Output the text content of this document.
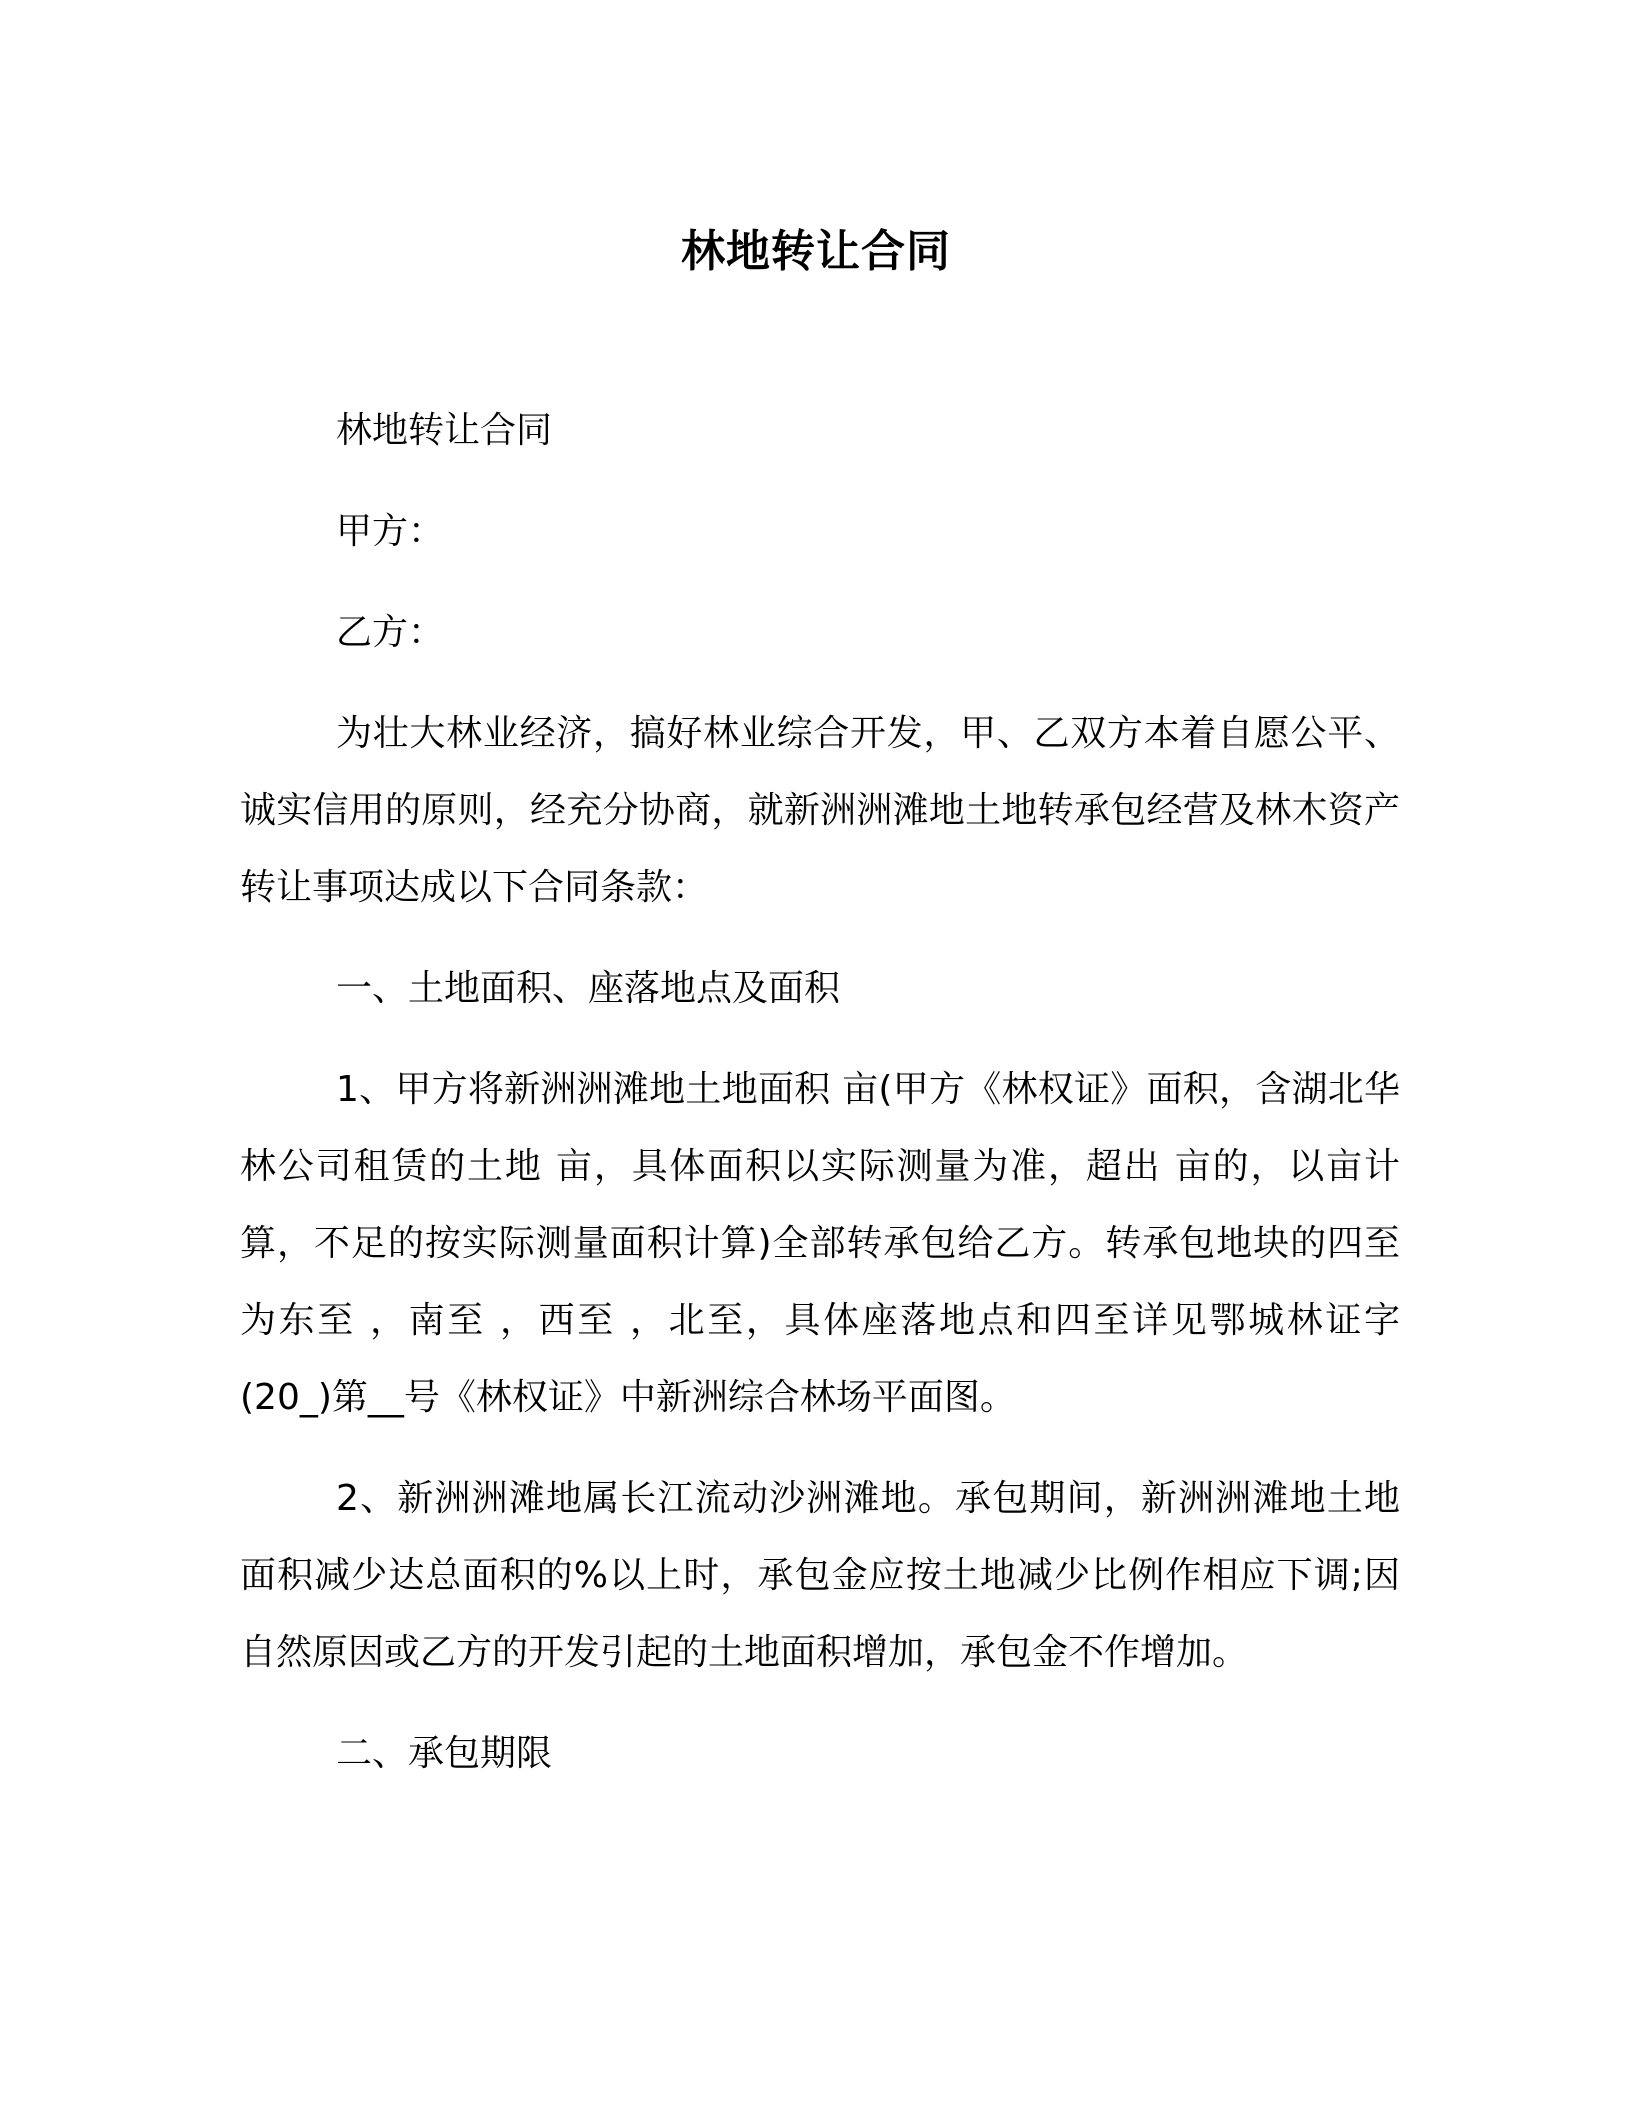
林地转让合同

林地转让合同

甲方：

乙方：

为壮大林业经济，搞好林业综合开发，甲、乙双方本着自愿公平、诚实信用的原则，经充分协商，就新洲洲滩地土地转承包经营及林木资产转让事项达成以下合同条款：

一、土地面积、座落地点及面积

1、甲方将新洲洲滩地土地面积 亩(甲方《林权证》面积，含湖北华林公司租赁的土地 亩，具体面积以实际测量为准，超出 亩的，以亩计算，不足的按实际测量面积计算)全部转承包给乙方。转承包地块的四至为东至 ，南至 ，西至 ，北至，具体座落地点和四至详见鄂城林证字(20_)第__号《林权证》中新洲综合林场平面图。

2、新洲洲滩地属长江流动沙洲滩地。承包期间，新洲洲滩地土地面积减少达总面积的%以上时，承包金应按土地减少比例作相应下调;因自然原因或乙方的开发引起的土地面积增加，承包金不作增加。

二、承包期限
